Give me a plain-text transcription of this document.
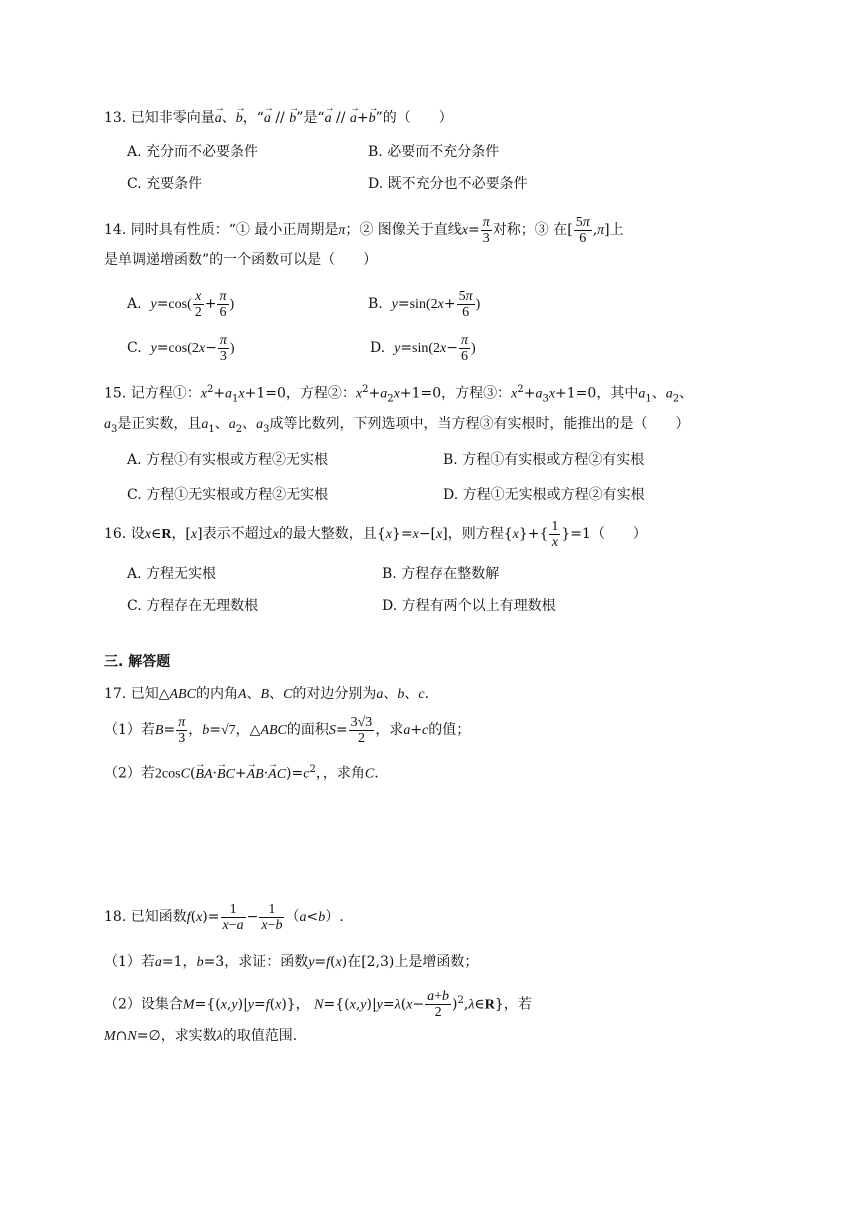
13. 已知非零向量→ a、→ b，“→ a // → b”是“→ a // → a+→ b”的（　　）
A. 充分而不必要条件	B. 必要而不充分条件
C. 充要条件	D. 既不充分也不必要条件
14. 同时具有性质：“① 最小正周期是π；② 图像关于直线$x= \frac{\pi}{3}$ 对称；③ 在[ $\frac{5\pi}{6} ,\pi$]上
是单调递增函数”的一个函数可以是（　　）
A. $y=\cos( \frac{x}{2} + \frac{\pi}{6}$ )	B. $y=\sin(2x+ \frac{5\pi}{6}$ )
C. $y=\cos(2x- \frac{\pi}{3}$ )	D. $y=\sin(2x- \frac{\pi}{6}$ )
15. 记方程①：$x^2+a_1x+1=0$，方程②：$x^2+a_2x+1=0$，方程③：$x^2+a_3x+1=0$，其中$a_1$、$a_2$、
$a_3$是正实数，且$a_1$、$a_2$、$a_3$成等比数列，下列选项中，当方程③有实根时，能推出的是（　　）
A. 方程①有实根或方程②无实根	B. 方程①有实根或方程②有实根
C. 方程①无实根或方程②无实根	D. 方程①无实根或方程②有实根
16. 设x∈R，[x]表示不超过x的最大整数，且{x}=x−[x]，则方程$\{x\}+\{ \frac{1}{x} \}=1$（　　）
A. 方程无实根	B. 方程存在整数解
C. 方程存在无理数根	D. 方程有两个以上有理数根
三. 解答题
17. 已知△ABC的内角A、B、C的对边分别为a、b、c.
（1）若$B= \frac{\pi}{3}$ ，b=√7，△ABC的面积$S= \frac{3√3}{2}$ ，求a+c的值；
（2）若$2\cos C(\to BA\cdot\to BC+\to AB\cdot\to AC)=c^2$，，求角C.
18. 已知函数$f(x)= \frac{1}{x-a} - \frac{1}{x-b} (a<b)$.
（1）若a=1，b=3，求证：函数y=f(x)在[2,3)上是增函数；
（2）设集合M={(x,y)|y=f(x)}， $N=\{(x,y)|y=\lambda(x- \frac{a+b}{2}$ )$^2,\lambda\in R$}，若
M∩N=∅，求实数λ的取值范围.
